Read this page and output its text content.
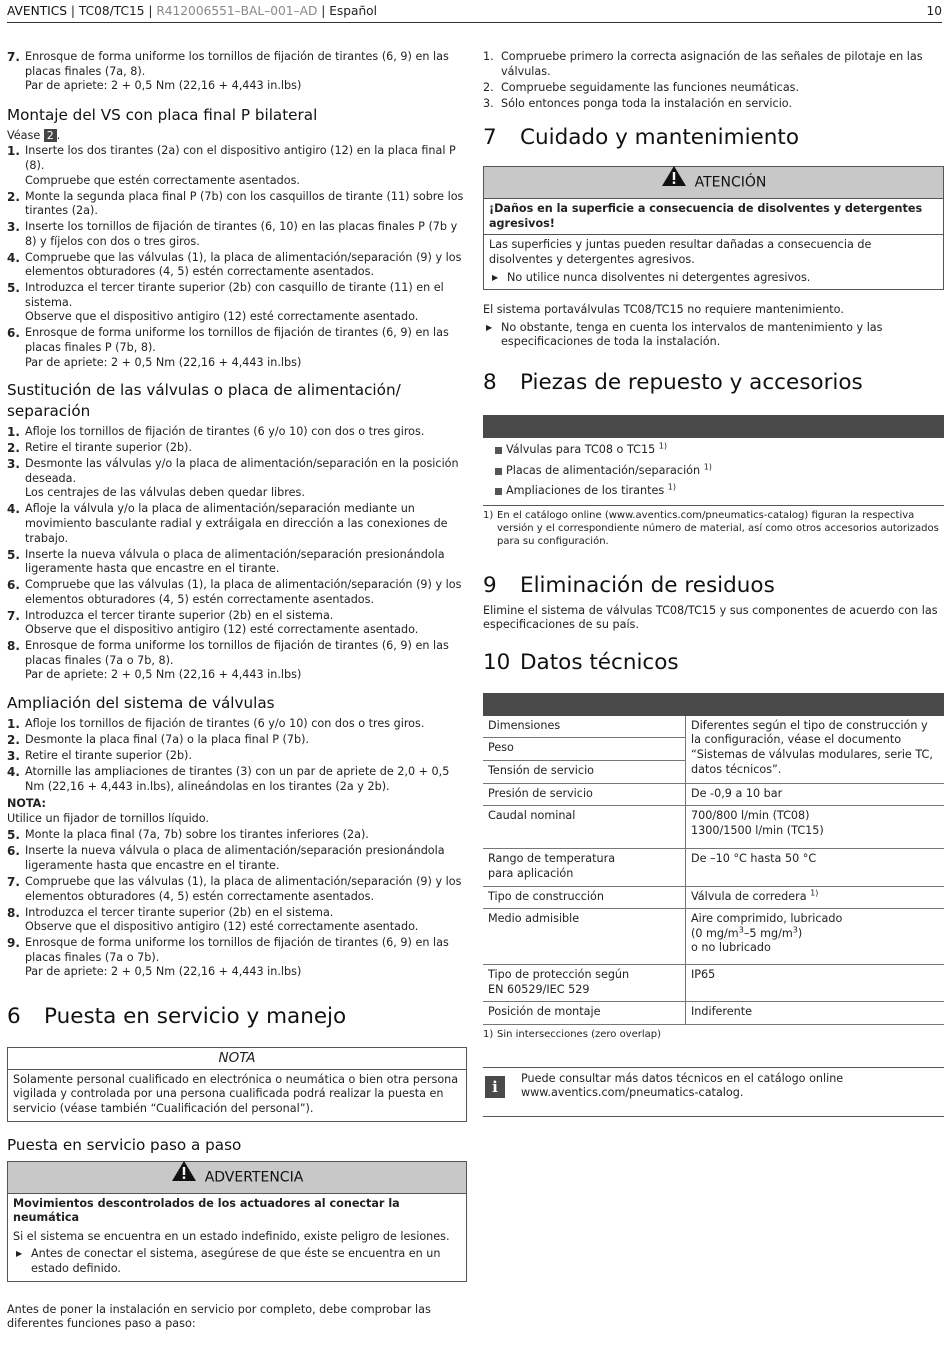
AVENTICS | TC08/TC15 | R412006551–BAL–001–AD | Español	10
7. Enrosque de forma uniforme los tornillos de fijación de tirantes (6, 9) en las placas finales (7a, 8).
Par de apriete: 2 + 0,5 Nm (22,16 + 4,443 in.lbs)
Montaje del VS con placa final P bilateral

Véase 2 .

1. Inserte los dos tirantes (2a) con el dispositivo antigiro (12) en la placa final P (8).
Compruebe que estén correctamente asentados.
2. Monte la segunda placa final P (7b) con los casquillos de tirante (11) sobre los tirantes (2a).
3. Inserte los tornillos de fijación de tirantes (6, 10) en las placas finales P (7b y 8) y fíjelos con dos o tres giros.
4. Compruebe que las válvulas (1), la placa de alimentación/separación (9) y los elementos obturadores (4, 5) estén correctamente asentados.
5. Introduzca el tercer tirante superior (2b) con casquillo de tirante (11) en el sistema.
Observe que el dispositivo antigiro (12) esté correctamente asentado.
6. Enrosque de forma uniforme los tornillos de fijación de tirantes (6, 9) en las placas finales P (7b, 8).
Par de apriete: 2 + 0,5 Nm (22,16 + 4,443 in.lbs)
Sustitución de las válvulas o placa de alimentación/ separación
1. Afloje los tornillos de fijación de tirantes (6 y/o 10) con dos o tres giros.
2. Retire el tirante superior (2b).
3. Desmonte las válvulas y/o la placa de alimentación/separación en la posición deseada.
Los centrajes de las válvulas deben quedar libres.
4. Afloje la válvula y/o la placa de alimentación/separación mediante un movimiento basculante radial y extráigala en dirección a las conexiones de trabajo.
5. Inserte la nueva válvula o placa de alimentación/separación presionándola ligeramente hasta que encastre en el tirante.
6. Compruebe que las válvulas (1), la placa de alimentación/separación (9) y los elementos obturadores (4, 5) estén correctamente asentados.
7. Introduzca el tercer tirante superior (2b) en el sistema.
Observe que el dispositivo antigiro (12) esté correctamente asentado.
8. Enrosque de forma uniforme los tornillos de fijación de tirantes (6, 9) en las placas finales (7a o 7b, 8).
Par de apriete: 2 + 0,5 Nm (22,16 + 4,443 in.lbs)
Ampliación del sistema de válvulas
1. Afloje los tornillos de fijación de tirantes (6 y/o 10) con dos o tres giros.
2. Desmonte la placa final (7a) o la placa final P (7b).
3. Retire el tirante superior (2b).
4. Atornille las ampliaciones de tirantes (3) con un par de apriete de 2,0 + 0,5 Nm (22,16 + 4,443 in.lbs), alineándolas en los tirantes (2a y 2b).

NOTA:

Utilice un fijador de tornillos líquido.

5. Monte la placa final (7a, 7b) sobre los tirantes inferiores (2a).
6. Inserte la nueva válvula o placa de alimentación/separación presionándola ligeramente hasta que encastre en el tirante.
7. Compruebe que las válvulas (1), la placa de alimentación/separación (9) y los elementos obturadores (4, 5) estén correctamente asentados.
8. Introduzca el tercer tirante superior (2b) en el sistema.
Observe que el dispositivo antigiro (12) esté correctamente asentado.
9. Enrosque de forma uniforme los tornillos de fijación de tirantes (6, 9) en las placas finales (7a o 7b).
Par de apriete: 2 + 0,5 Nm (22,16 + 4,443 in.lbs)
6 Puesta en servicio y manejo
NOTA
Solamente personal cualificado en electrónica o neumática o bien otra persona vigilada y controlada por una persona cualificada podrá realizar la puesta en servicio (véase también “Cualificación del personal”).
Puesta en servicio paso a paso
ADVERTENCIA

Movimientos descontrolados de los actuadores al conectar la neumática

Si el sistema se encuentra en un estado indefinido, existe peligro de lesiones.

▶ Antes de conectar el sistema, asegúrese de que éste se encuentra en un estado definido.

Antes de poner la instalación en servicio por completo, debe comprobar las diferentes funciones paso a paso:

1. Compruebe primero la correcta asignación de las señales de pilotaje en las válvulas.
2. Compruebe seguidamente las funciones neumáticas.
3. Sólo entonces ponga toda la instalación en servicio.
7 Cuidado y mantenimiento
ATENCIÓN

¡Daños en la superficie a consecuencia de disolventes y detergentes agresivos!

Las superficies y juntas pueden resultar dañadas a consecuencia de disolventes y detergentes agresivos.

▶ No utilice nunca disolventes ni detergentes agresivos.

El sistema portaválvulas TC08/TC15 no requiere mantenimiento.

▶ No obstante, tenga en cuenta los intervalos de mantenimiento y las especificaciones de toda la instalación.
8 Piezas de repuesto y accesorios
Válvulas para TC08 o TC15 $^{1)}$
Placas de alimentación/separación $^{1)}$
Ampliaciones de los tirantes $^{1)}$
1) En el catálogo online (www.aventics.com/pneumatics-catalog) figuran la respectiva versión y el correspondiente número de material, así como otros accesorios autorizados para su configuración.
9 Eliminación de residuos

Elimine el sistema de válvulas TC08/TC15 y sus componentes de acuerdo con las especificaciones de su país.

10 Datos técnicos
Dimensiones	Diferentes según el tipo de construcción y la configuración, véase el documento “Sistemas de válvulas modulares, serie TC, datos técnicos”.
Peso	
Tensión de servicio	
Presión de servicio	De -0,9 a 10 bar
Caudal nominal	700/800 l/min (TC08)
1300/1500 l/min (TC15)

Rango de temperatura
para aplicación	De –10 °C hasta 50 °C
Tipo de construcción	Válvula de corredera $^{1)}$
Medio admisible	Aire comprimido, lubricado
(0 $mg/m^3-5$ $mg/m^3$)
o no lubricado

Tipo de protección según
EN 60529/IEC 529	IP65
Posición de montaje	Indiferente
1) Sin intersecciones (zero overlap)
i	Puede consultar más datos técnicos en el catálogo online
www.aventics.com/pneumatics-catalog.
